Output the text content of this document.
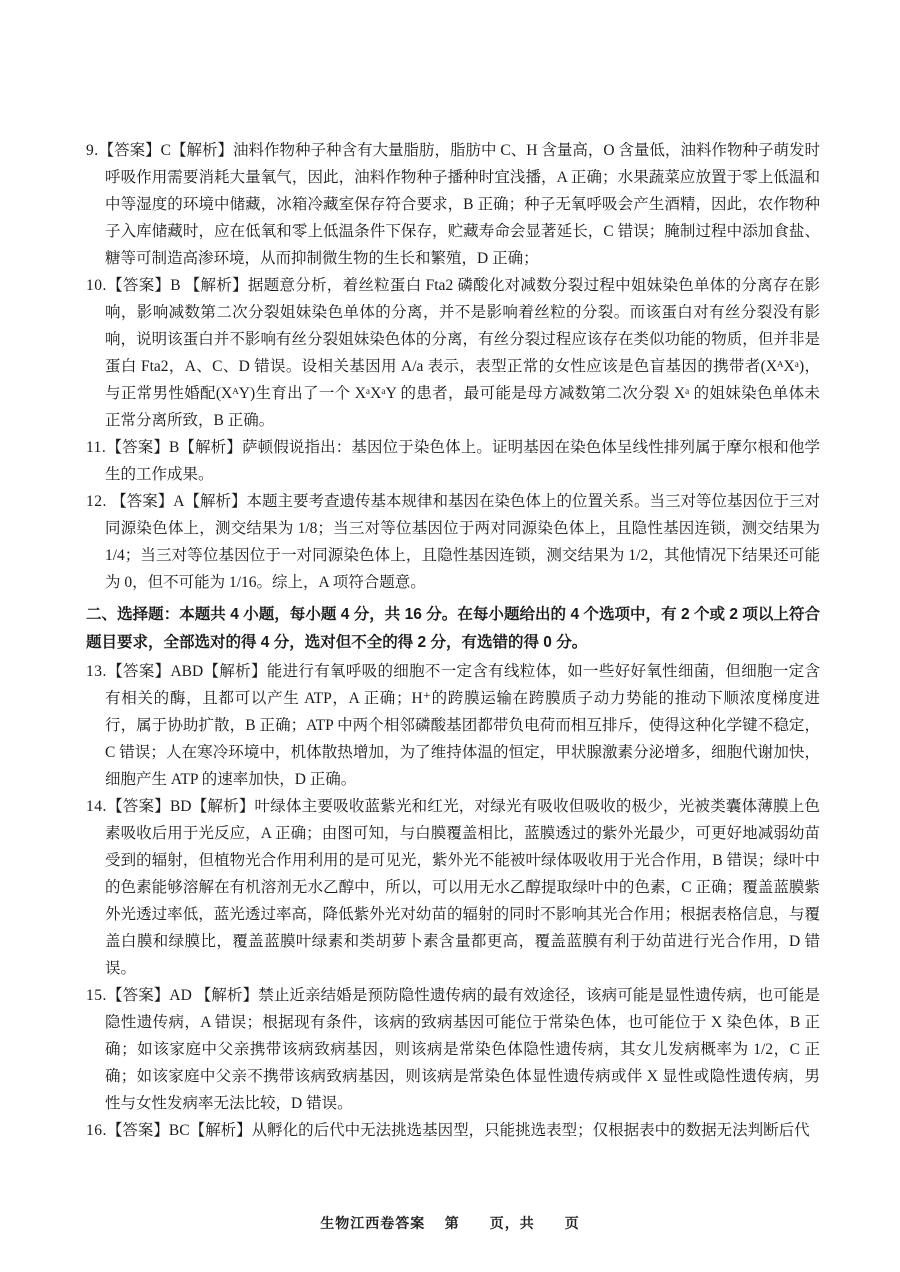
9.【答案】C【解析】油料作物种子种含有大量脂肪，脂肪中 C、H 含量高，O 含量低，油料作物种子萌发时呼吸作用需要消耗大量氧气，因此，油料作物种子播种时宜浅播，A 正确；水果蔬菜应放置于零上低温和中等湿度的环境中储藏，冰箱冷藏室保存符合要求，B 正确；种子无氧呼吸会产生酒精，因此，农作物种子入库储藏时，应在低氧和零上低温条件下保存，贮藏寿命会显著延长，C 错误；腌制过程中添加食盐、糖等可制造高渗环境，从而抑制微生物的生长和繁殖，D 正确；

10.【答案】B 【解析】据题意分析，着丝粒蛋白 Fta2 磷酸化对减数分裂过程中姐妹染色单体的分离存在影响，影响减数第二次分裂姐妹染色单体的分离，并不是影响着丝粒的分裂。而该蛋白对有丝分裂没有影响，说明该蛋白并不影响有丝分裂姐妹染色体的分离，有丝分裂过程应该存在类似功能的物质，但并非是蛋白 Fta2，A、C、D 错误。设相关基因用 A/a 表示，表型正常的女性应该是色盲基因的携带者(XᴬXᵃ)，与正常男性婚配(XᴬY)生育出了一个 XᵃXᵃY 的患者，最可能是母方减数第二次分裂 Xᵃ 的姐妹染色单体未正常分离所致，B 正确。

11.【答案】B【解析】萨顿假说指出：基因位于染色体上。证明基因在染色体呈线性排列属于摩尔根和他学生的工作成果。

12. 【答案】A【解析】本题主要考查遗传基本规律和基因在染色体上的位置关系。当三对等位基因位于三对同源染色体上，测交结果为 1/8；当三对等位基因位于两对同源染色体上，且隐性基因连锁，测交结果为 1/4；当三对等位基因位于一对同源染色体上，且隐性基因连锁，测交结果为 1/2，其他情况下结果还可能为 0，但不可能为 1/16。综上，A 项符合题意。

二、选择题：本题共 4 小题，每小题 4 分，共 16 分。在每小题给出的 4 个选项中，有 2 个或 2 项以上符合题目要求，全部选对的得 4 分，选对但不全的得 2 分，有选错的得 0 分。

13.【答案】ABD【解析】能进行有氧呼吸的细胞不一定含有线粒体，如一些好好氧性细菌，但细胞一定含有相关的酶，且都可以产生 ATP，A 正确；H⁺的跨膜运输在跨膜质子动力势能的推动下顺浓度梯度进行，属于协助扩散，B 正确；ATP 中两个相邻磷酸基团都带负电荷而相互排斥，使得这种化学键不稳定，C 错误；人在寒冷环境中，机体散热增加，为了维持体温的恒定，甲状腺激素分泌增多，细胞代谢加快，细胞产生 ATP 的速率加快，D 正确。

14.【答案】BD【解析】叶绿体主要吸收蓝紫光和红光，对绿光有吸收但吸收的极少，光被类囊体薄膜上色素吸收后用于光反应，A 正确；由图可知，与白膜覆盖相比，蓝膜透过的紫外光最少，可更好地减弱幼苗受到的辐射，但植物光合作用利用的是可见光，紫外光不能被叶绿体吸收用于光合作用，B 错误；绿叶中的色素能够溶解在有机溶剂无水乙醇中，所以，可以用无水乙醇提取绿叶中的色素，C 正确；覆盖蓝膜紫外光透过率低，蓝光透过率高，降低紫外光对幼苗的辐射的同时不影响其光合作用；根据表格信息，与覆盖白膜和绿膜比，覆盖蓝膜叶绿素和类胡萝卜素含量都更高，覆盖蓝膜有利于幼苗进行光合作用，D 错误。

15.【答案】AD 【解析】禁止近亲结婚是预防隐性遗传病的最有效途径，该病可能是显性遗传病，也可能是隐性遗传病，A 错误；根据现有条件，该病的致病基因可能位于常染色体，也可能位于 X 染色体，B 正确；如该家庭中父亲携带该病致病基因，则该病是常染色体隐性遗传病，其女儿发病概率为 1/2，C 正确；如该家庭中父亲不携带该病致病基因，则该病是常染色体显性遗传病或伴 X 显性或隐性遗传病，男性与女性发病率无法比较，D 错误。

16.【答案】BC【解析】从孵化的后代中无法挑选基因型，只能挑选表型；仅根据表中的数据无法判断后代

生物江西卷答案 第　　页，共　　页
